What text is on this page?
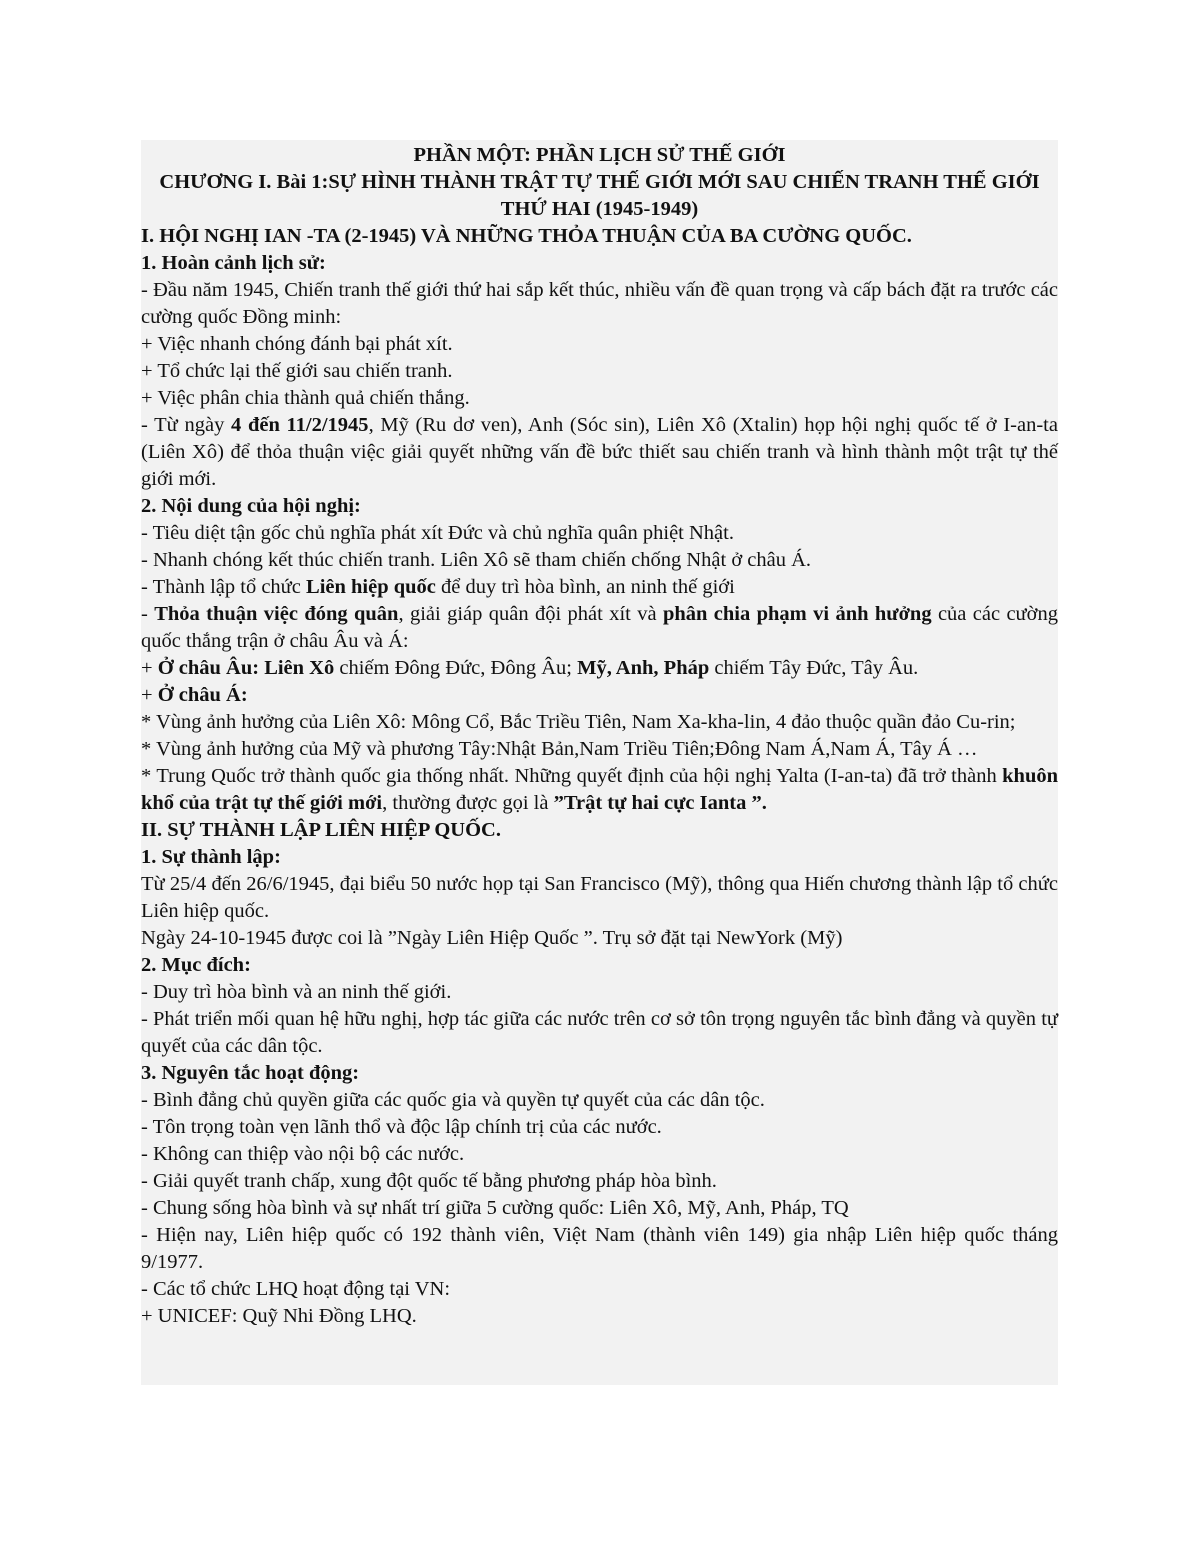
PHẦN MỘT: PHẦN LỊCH SỬ THẾ GIỚI

CHƯƠNG I. Bài 1:SỰ HÌNH THÀNH TRẬT TỰ THẾ GIỚI MỚI SAU CHIẾN TRANH THẾ GIỚI THỨ HAI (1945-1949)

I. HỘI NGHỊ IAN -TA (2-1945) VÀ NHỮNG THỎA THUẬN CỦA BA CƯỜNG QUỐC.

1. Hoàn cảnh lịch sử:

- Đầu năm 1945, Chiến tranh thế giới thứ hai sắp kết thúc, nhiều vấn đề quan trọng và cấp bách đặt ra trước các cường quốc Đồng minh:

+ Việc nhanh chóng đánh bại phát xít.

+ Tổ chức lại thế giới sau chiến tranh.

+ Việc phân chia thành quả chiến thắng.

- Từ ngày 4 đến 11/2/1945, Mỹ (Ru dơ ven), Anh (Sóc sin), Liên Xô (Xtalin) họp hội nghị quốc tế ở I-an-ta (Liên Xô) để thỏa thuận việc giải quyết những vấn đề bức thiết sau chiến tranh và hình thành một trật tự thế giới mới.

2. Nội dung của hội nghị:

- Tiêu diệt tận gốc chủ nghĩa phát xít Đức và chủ nghĩa quân phiệt Nhật.

- Nhanh chóng kết thúc chiến tranh. Liên Xô sẽ tham chiến chống Nhật ở châu Á.

- Thành lập tổ chức Liên hiệp quốc để duy trì hòa bình, an ninh thế giới

- Thỏa thuận việc đóng quân, giải giáp quân đội phát xít và phân chia phạm vi ảnh hưởng của các cường quốc thắng trận ở châu Âu và Á:

+ Ở châu Âu: Liên Xô chiếm Đông Đức, Đông Âu; Mỹ, Anh, Pháp chiếm Tây Đức, Tây Âu.

+ Ở châu Á:

* Vùng ảnh hưởng của Liên Xô: Mông Cổ, Bắc Triều Tiên, Nam Xa-kha-lin, 4 đảo thuộc quần đảo Cu-rin;

* Vùng ảnh hưởng của Mỹ và phương Tây:Nhật Bản,Nam Triều Tiên;Đông Nam Á,Nam Á, Tây Á …

* Trung Quốc trở thành quốc gia thống nhất. Những quyết định của hội nghị Yalta (I-an-ta) đã trở thành khuôn khổ của trật tự thế giới mới, thường được gọi là ”Trật tự hai cực Ianta ”.

II. SỰ THÀNH LẬP LIÊN HIỆP QUỐC.

1. Sự thành lập:

Từ 25/4 đến 26/6/1945, đại biểu 50 nước họp tại San Francisco (Mỹ), thông qua Hiến chương thành lập tổ chức Liên hiệp quốc.

Ngày 24-10-1945 được coi là ”Ngày Liên Hiệp Quốc ”. Trụ sở đặt tại NewYork (Mỹ)

2. Mục đích:

- Duy trì hòa bình và an ninh thế giới.

- Phát triển mối quan hệ hữu nghị, hợp tác giữa các nước trên cơ sở tôn trọng nguyên tắc bình đẳng và quyền tự quyết của các dân tộc.

3. Nguyên tắc hoạt động:

- Bình đẳng chủ quyền giữa các quốc gia và quyền tự quyết của các dân tộc.

- Tôn trọng toàn vẹn lãnh thổ và độc lập chính trị của các nước.

- Không can thiệp vào nội bộ các nước.

- Giải quyết tranh chấp, xung đột quốc tế bằng phương pháp hòa bình.

- Chung sống hòa bình và sự nhất trí giữa 5 cường quốc: Liên Xô, Mỹ, Anh, Pháp, TQ

- Hiện nay, Liên hiệp quốc có 192 thành viên, Việt Nam (thành viên 149) gia nhập Liên hiệp quốc tháng 9/1977.

- Các tổ chức LHQ hoạt động tại VN:

+ UNICEF: Quỹ Nhi Đồng LHQ.
